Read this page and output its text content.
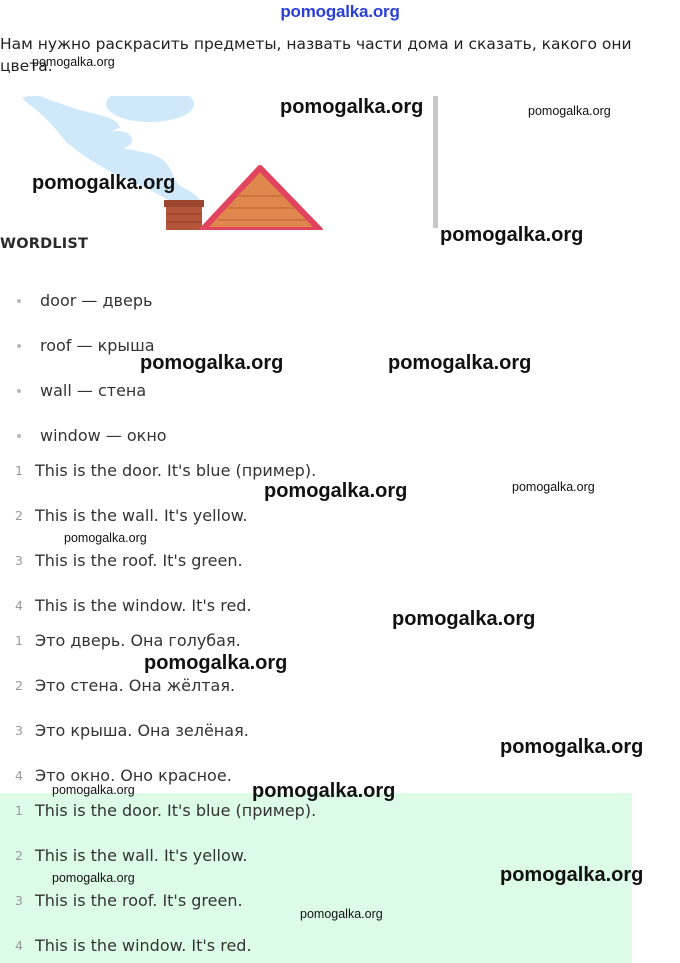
pomogalka.org
Нам нужно раскрасить предметы, назвать части дома и сказать, какого они цвета.
WORDLIST
door — дверь
roof — крыша
wall — стена
window — окно
1 This is the door. It's blue (пример).
2 This is the wall. It's yellow.
3 This is the roof. It's green.
4 This is the window. It's red.
1 Это дверь. Она голубая.
2 Это стена. Она жёлтая.
3 Это крыша. Она зелёная.
4 Это окно. Оно красное.
1 This is the door. It's blue (пример).
2 This is the wall. It's yellow.
3 This is the roof. It's green.
4 This is the window. It's red.
pomogalka.org
pomogalka.org	pomogalka.org
pomogalka.org
pomogalka.org
pomogalka.org	pomogalka.org
pomogalka.org	pomogalka.org
pomogalka.org
pomogalka.org
pomogalka.org
pomogalka.org
pomogalka.org	pomogalka.org
pomogalka.org
pomogalka.org
pomogalka.org
